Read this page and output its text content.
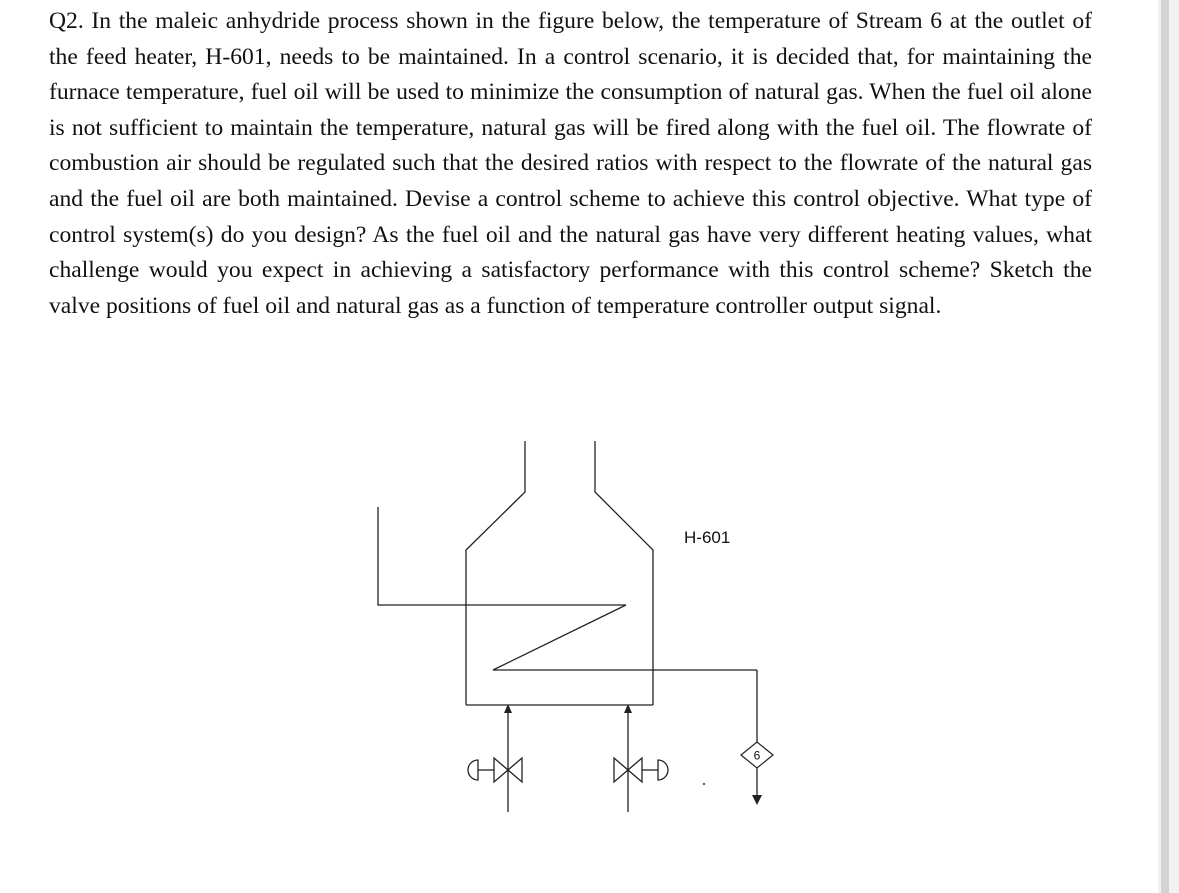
Q2. In the maleic anhydride process shown in the figure below, the temperature of Stream 6 at the outlet of the feed heater, H-601, needs to be maintained. In a control scenario, it is decided that, for maintaining the furnace temperature, fuel oil will be used to minimize the consumption of natural gas. When the fuel oil alone is not sufficient to maintain the temperature, natural gas will be fired along with the fuel oil. The flowrate of combustion air should be regulated such that the desired ratios with respect to the flowrate of the natural gas and the fuel oil are both maintained. Devise a control scheme to achieve this control objective. What type of control system(s) do you design? As the fuel oil and the natural gas have very different heating values, what challenge would you expect in achieving a satisfactory performance with this control scheme? Sketch the valve positions of fuel oil and natural gas as a function of temperature controller output signal.

6
H-601
